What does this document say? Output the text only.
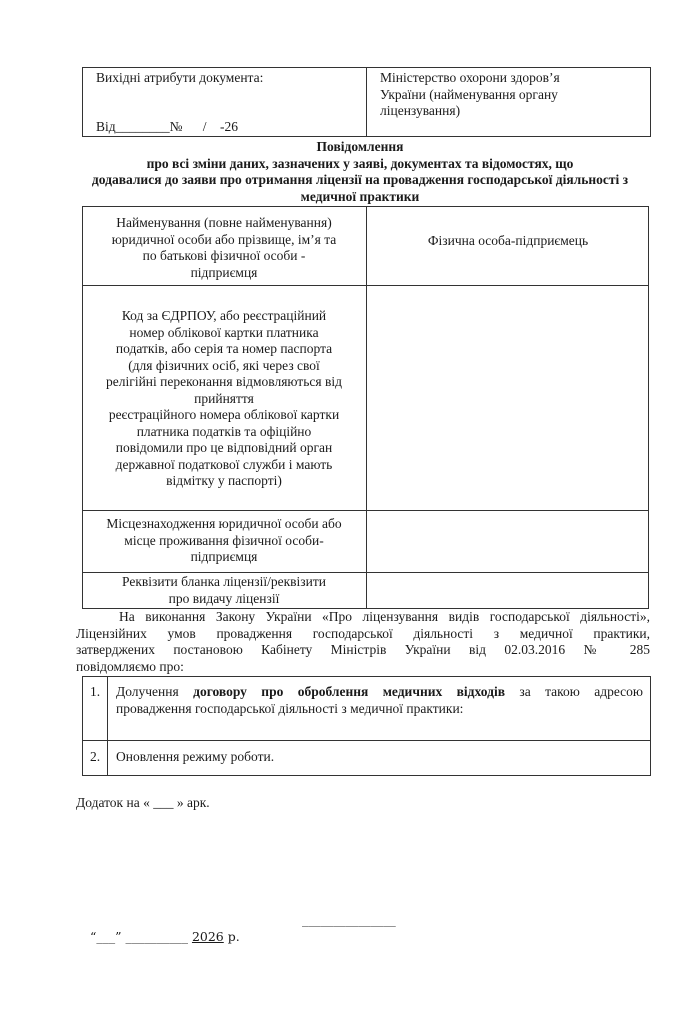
Вихідні атрибути документа:
Від________№      /    -26
Міністерство охорони здоров’я
України (найменування органу
ліцензування)
Повідомлення
про всі зміни даних, зазначених у заяві, документах та відомостях, що
додавалися до заяви про отримання ліцензії на провадження господарської діяльності з
медичної практики
Найменування (повне найменування)
юридичної особи або прізвище, ім’я та
по батькові фізичної особи -
підприємця
Фізична особа-підприємець
Код за ЄДРПОУ, або реєстраційний
номер облікової картки платника
податків, або серія та номер паспорта
(для фізичних осіб, які через свої
релігійні переконання відмовляються від
прийняття
реєстраційного номера облікової картки
платника податків та офіційно
повідомили про це відповідний орган
державної податкової служби і мають
відмітку у паспорті)
Місцезнаходження юридичної особи або
місце проживання фізичної особи-
підприємця
Реквізити бланка ліцензії/реквізити
про видачу ліцензії
На виконання Закону України «Про ліцензування видів господарської діяльності»,
Ліцензійних умов провадження господарської діяльності з медичної практики,
затверджених постановою Кабінету Міністрів України від 02.03.2016 № 285
повідомляємо про:
1.	Долучення договору про оброблення медичних відходів за такою адресою
провадження господарської діяльності з медичної практики:
2.	Оновлення режиму роботи.
Додаток на « ___ » арк.

“___” __________ 2026 р.

_______________
